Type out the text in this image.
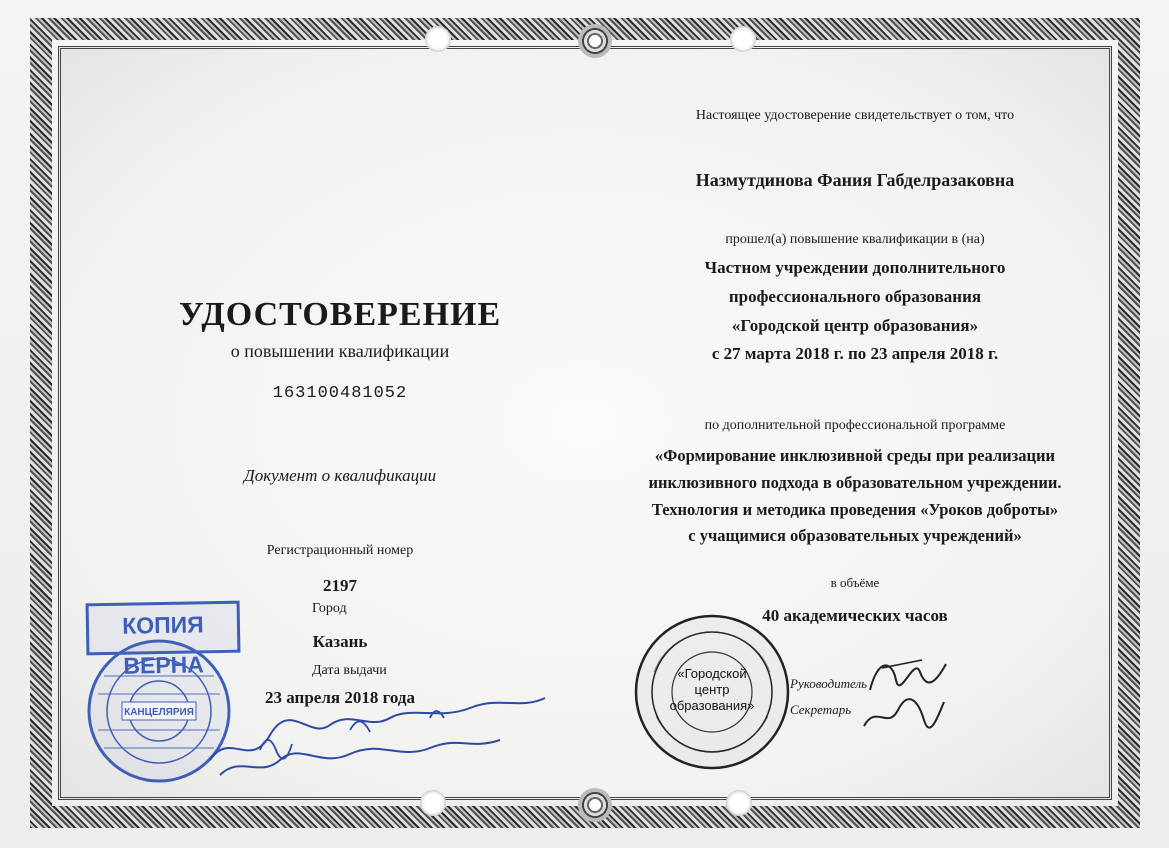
УДОСТОВЕРЕНИЕ
о повышении квалификации
163100481052
Документ о квалификации
Регистрационный номер
2197
Город
Казань
Дата выдачи
23 апреля 2018 года
Настоящее удостоверение свидетельствует о том, что
Назмутдинова Фания Габделразаковна
прошел(а) повышение квалификации в (на)
Частном учреждении дополнительного
профессионального образования
«Городской центр образования»
с 27 марта 2018 г. по 23 апреля 2018 г.
по дополнительной профессиональной программе
«Формирование инклюзивной среды при реализации
инклюзивного подхода в образовательном учреждении.
Технология и методика проведения «Уроков доброты»
с учащимися образовательных учреждений»
в объёме
40 академических часов
Руководитель
Секретарь
КАНЦЕЛЯРИЯ
КОПИЯ ВЕРНА	«Городской
центр
образования»
